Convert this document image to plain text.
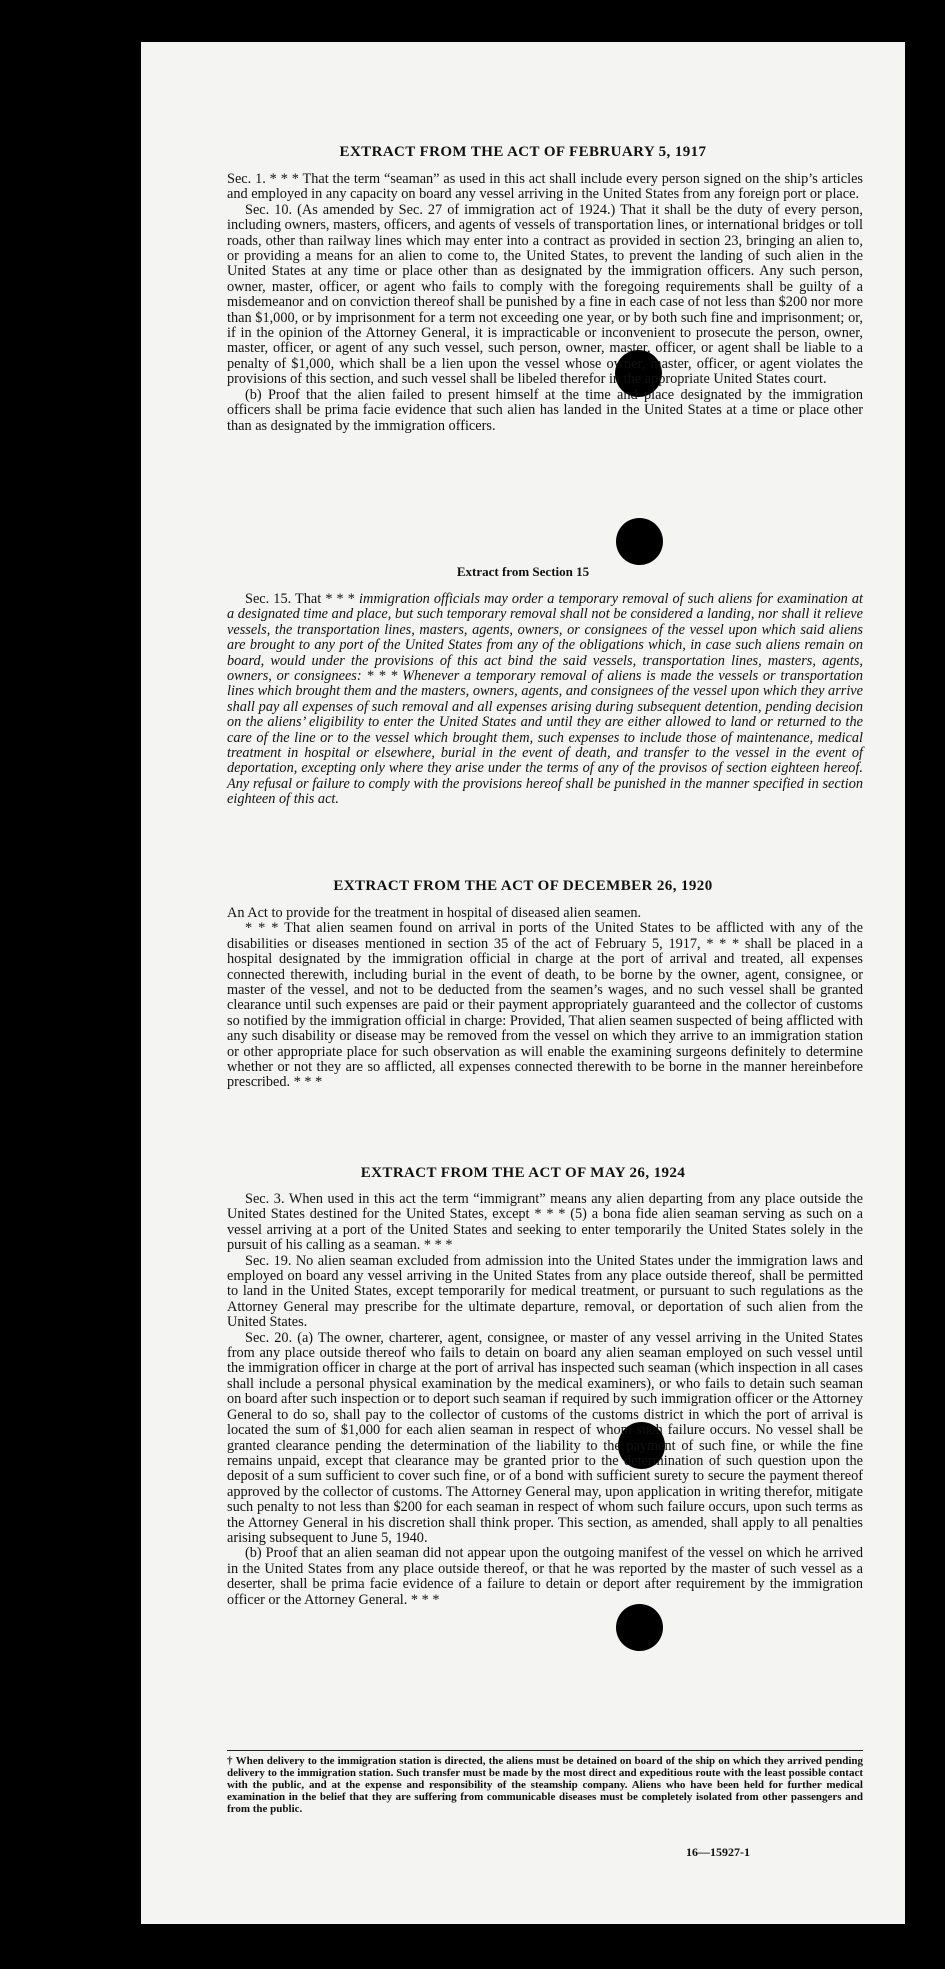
EXTRACT FROM THE ACT OF FEBRUARY 5, 1917

Sec. 1. * * * That the term “seaman” as used in this act shall include every person signed on the ship’s articles and employed in any capacity on board any vessel arriving in the United States from any foreign port or place.

Sec. 10. (As amended by Sec. 27 of immigration act of 1924.) That it shall be the duty of every person, including owners, masters, officers, and agents of vessels of transportation lines, or international bridges or toll roads, other than railway lines which may enter into a contract as provided in section 23, bringing an alien to, or providing a means for an alien to come to, the United States, to prevent the landing of such alien in the United States at any time or place other than as designated by the immigration officers. Any such person, owner, master, officer, or agent who fails to comply with the foregoing requirements shall be guilty of a misdemeanor and on conviction thereof shall be punished by a fine in each case of not less than $200 nor more than $1,000, or by imprisonment for a term not exceeding one year, or by both such fine and imprisonment; or, if in the opinion of the Attorney General, it is impracticable or inconvenient to prosecute the person, owner, master, officer, or agent of any such vessel, such person, owner, master, officer, or agent shall be liable to a penalty of $1,000, which shall be a lien upon the vessel whose owner, master, officer, or agent violates the provisions of this section, and such vessel shall be libeled therefor in the appropriate United States court.

(b) Proof that the alien failed to present himself at the time and place designated by the immigration officers shall be prima facie evidence that such alien has landed in the United States at a time or place other than as designated by the immigration officers.

Extract from Section 15

Sec. 15. That * * * immigration officials may order a temporary removal of such aliens for examination at a designated time and place, but such temporary removal shall not be considered a landing, nor shall it relieve vessels, the transportation lines, masters, agents, owners, or consignees of the vessel upon which said aliens are brought to any port of the United States from any of the obligations which, in case such aliens remain on board, would under the provisions of this act bind the said vessels, transportation lines, masters, agents, owners, or consignees: * * * Whenever a temporary removal of aliens is made the vessels or transportation lines which brought them and the masters, owners, agents, and consignees of the vessel upon which they arrive shall pay all expenses of such removal and all expenses arising during subsequent detention, pending decision on the aliens’ eligibility to enter the United States and until they are either allowed to land or returned to the care of the line or to the vessel which brought them, such expenses to include those of maintenance, medical treatment in hospital or elsewhere, burial in the event of death, and transfer to the vessel in the event of deportation, excepting only where they arise under the terms of any of the provisos of section eighteen hereof. Any refusal or failure to comply with the provisions hereof shall be punished in the manner specified in section eighteen of this act.

EXTRACT FROM THE ACT OF DECEMBER 26, 1920

An Act to provide for the treatment in hospital of diseased alien seamen.

* * * That alien seamen found on arrival in ports of the United States to be afflicted with any of the disabilities or diseases mentioned in section 35 of the act of February 5, 1917, * * * shall be placed in a hospital designated by the immigration official in charge at the port of arrival and treated, all expenses connected therewith, including burial in the event of death, to be borne by the owner, agent, consignee, or master of the vessel, and not to be deducted from the seamen’s wages, and no such vessel shall be granted clearance until such expenses are paid or their payment appropriately guaranteed and the collector of customs so notified by the immigration official in charge: Provided, That alien seamen suspected of being afflicted with any such disability or disease may be removed from the vessel on which they arrive to an immigration station or other appropriate place for such observation as will enable the examining surgeons definitely to determine whether or not they are so afflicted, all expenses connected therewith to be borne in the manner hereinbefore prescribed. * * *

EXTRACT FROM THE ACT OF MAY 26, 1924

Sec. 3. When used in this act the term “immigrant” means any alien departing from any place outside the United States destined for the United States, except * * * (5) a bona fide alien seaman serving as such on a vessel arriving at a port of the United States and seeking to enter temporarily the United States solely in the pursuit of his calling as a seaman. * * *

Sec. 19. No alien seaman excluded from admission into the United States under the immigration laws and employed on board any vessel arriving in the United States from any place outside thereof, shall be permitted to land in the United States, except temporarily for medical treatment, or pursuant to such regulations as the Attorney General may prescribe for the ultimate departure, removal, or deportation of such alien from the United States.

Sec. 20. (a) The owner, charterer, agent, consignee, or master of any vessel arriving in the United States from any place outside thereof who fails to detain on board any alien seaman employed on such vessel until the immigration officer in charge at the port of arrival has inspected such seaman (which inspection in all cases shall include a personal physical examination by the medical examiners), or who fails to detain such seaman on board after such inspection or to deport such seaman if required by such immigration officer or the Attorney General to do so, shall pay to the collector of customs of the customs district in which the port of arrival is located the sum of $1,000 for each alien seaman in respect of whom such failure occurs. No vessel shall be granted clearance pending the determination of the liability to the payment of such fine, or while the fine remains unpaid, except that clearance may be granted prior to the determination of such question upon the deposit of a sum sufficient to cover such fine, or of a bond with sufficient surety to secure the payment thereof approved by the collector of customs. The Attorney General may, upon application in writing therefor, mitigate such penalty to not less than $200 for each seaman in respect of whom such failure occurs, upon such terms as the Attorney General in his discretion shall think proper. This section, as amended, shall apply to all penalties arising subsequent to June 5, 1940.

(b) Proof that an alien seaman did not appear upon the outgoing manifest of the vessel on which he arrived in the United States from any place outside thereof, or that he was reported by the master of such vessel as a deserter, shall be prima facie evidence of a failure to detain or deport after requirement by the immigration officer or the Attorney General. * * *

† When delivery to the immigration station is directed, the aliens must be detained on board of the ship on which they arrived pending delivery to the immigration station. Such transfer must be made by the most direct and expeditious route with the least possible contact with the public, and at the expense and responsibility of the steamship company. Aliens who have been held for further medical examination in the belief that they are suffering from communicable diseases must be completely isolated from other passengers and from the public.
16—15927-1
